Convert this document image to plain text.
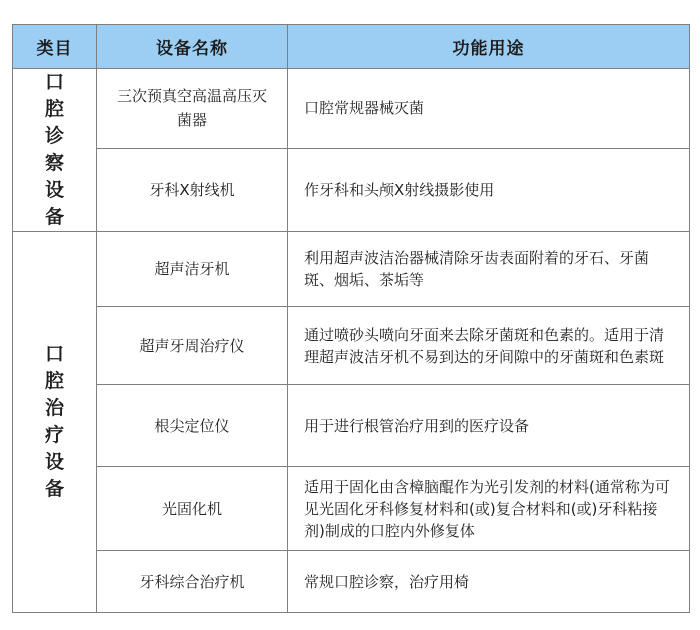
类目	设备名称	功能用途
口腔诊察设备	三次预真空高温高压灭菌器	口腔常规器械灭菌
	牙科X射线机	作牙科和头颅X射线摄影使用
口腔治疗设备	超声洁牙机	利用超声波洁治器械清除牙齿表面附着的牙石、牙菌斑、烟垢、茶垢等
	超声牙周治疗仪	通过喷砂头喷向牙面来去除牙菌斑和色素的。适用于清理超声波洁牙机不易到达的牙间隙中的牙菌斑和色素斑
	根尖定位仪	用于进行根管治疗用到的医疗设备
	光固化机	适用于固化由含樟脑醌作为光引发剂的材料(通常称为可见光固化牙科修复材料和(或)复合材料和(或)牙科粘接剂)制成的口腔内外修复体
	牙科综合治疗机	常规口腔诊察，治疗用椅
